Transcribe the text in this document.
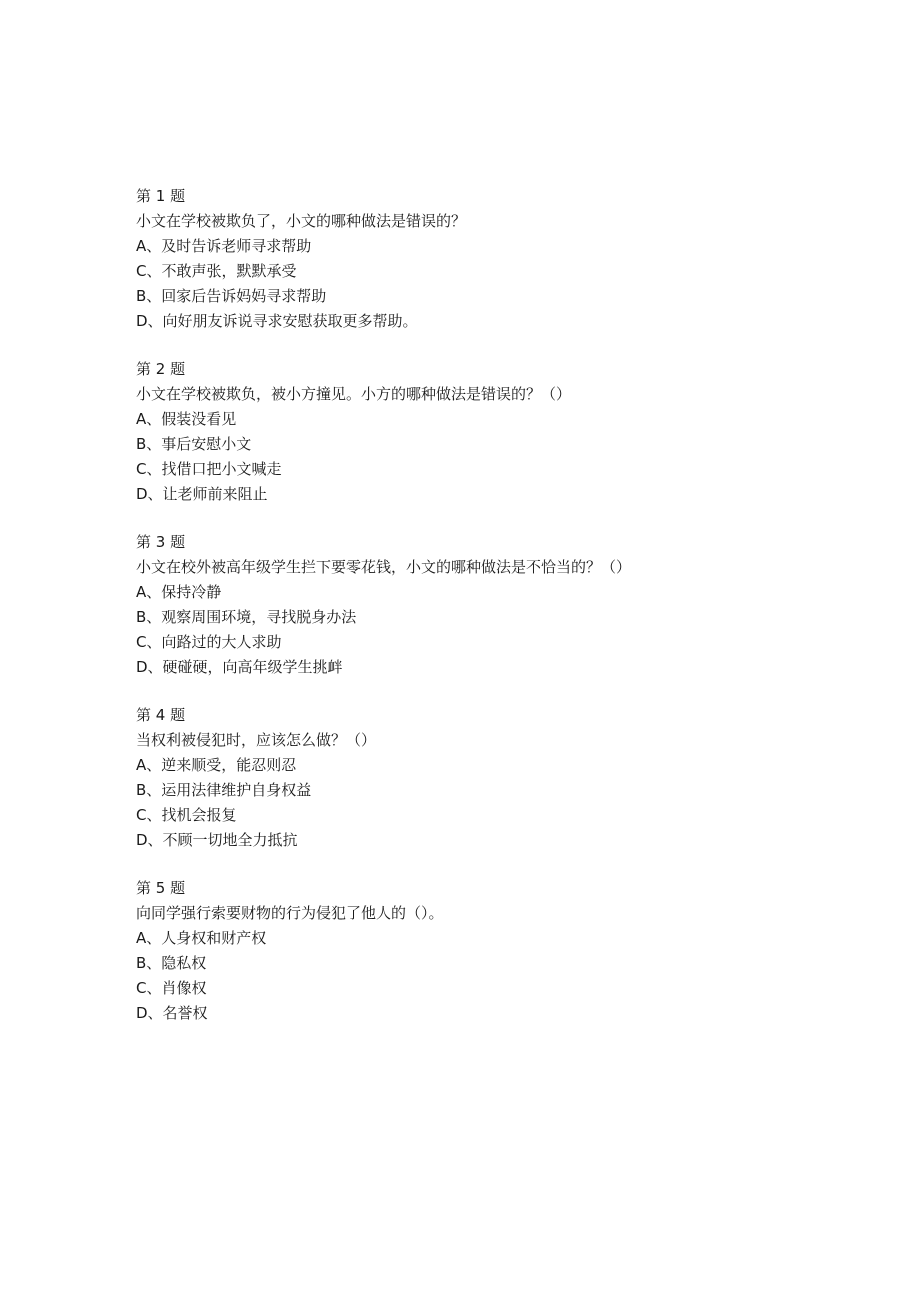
第 1 题
小文在学校被欺负了，小文的哪种做法是错误的？
A、及时告诉老师寻求帮助
C、不敢声张，默默承受
B、回家后告诉妈妈寻求帮助
D、向好朋友诉说寻求安慰获取更多帮助。
第 2 题
小文在学校被欺负，被小方撞见。小方的哪种做法是错误的？（）
A、假装没看见
B、事后安慰小文
C、找借口把小文喊走
D、让老师前来阻止
第 3 题
小文在校外被高年级学生拦下要零花钱，小文的哪种做法是不恰当的？（）
A、保持冷静
B、观察周围环境，寻找脱身办法
C、向路过的大人求助
D、硬碰硬，向高年级学生挑衅
第 4 题
当权利被侵犯时，应该怎么做？（）
A、逆来顺受，能忍则忍
B、运用法律维护自身权益
C、找机会报复
D、不顾一切地全力抵抗
第 5 题
向同学强行索要财物的行为侵犯了他人的（）。
A、人身权和财产权
B、隐私权
C、肖像权
D、名誉权
